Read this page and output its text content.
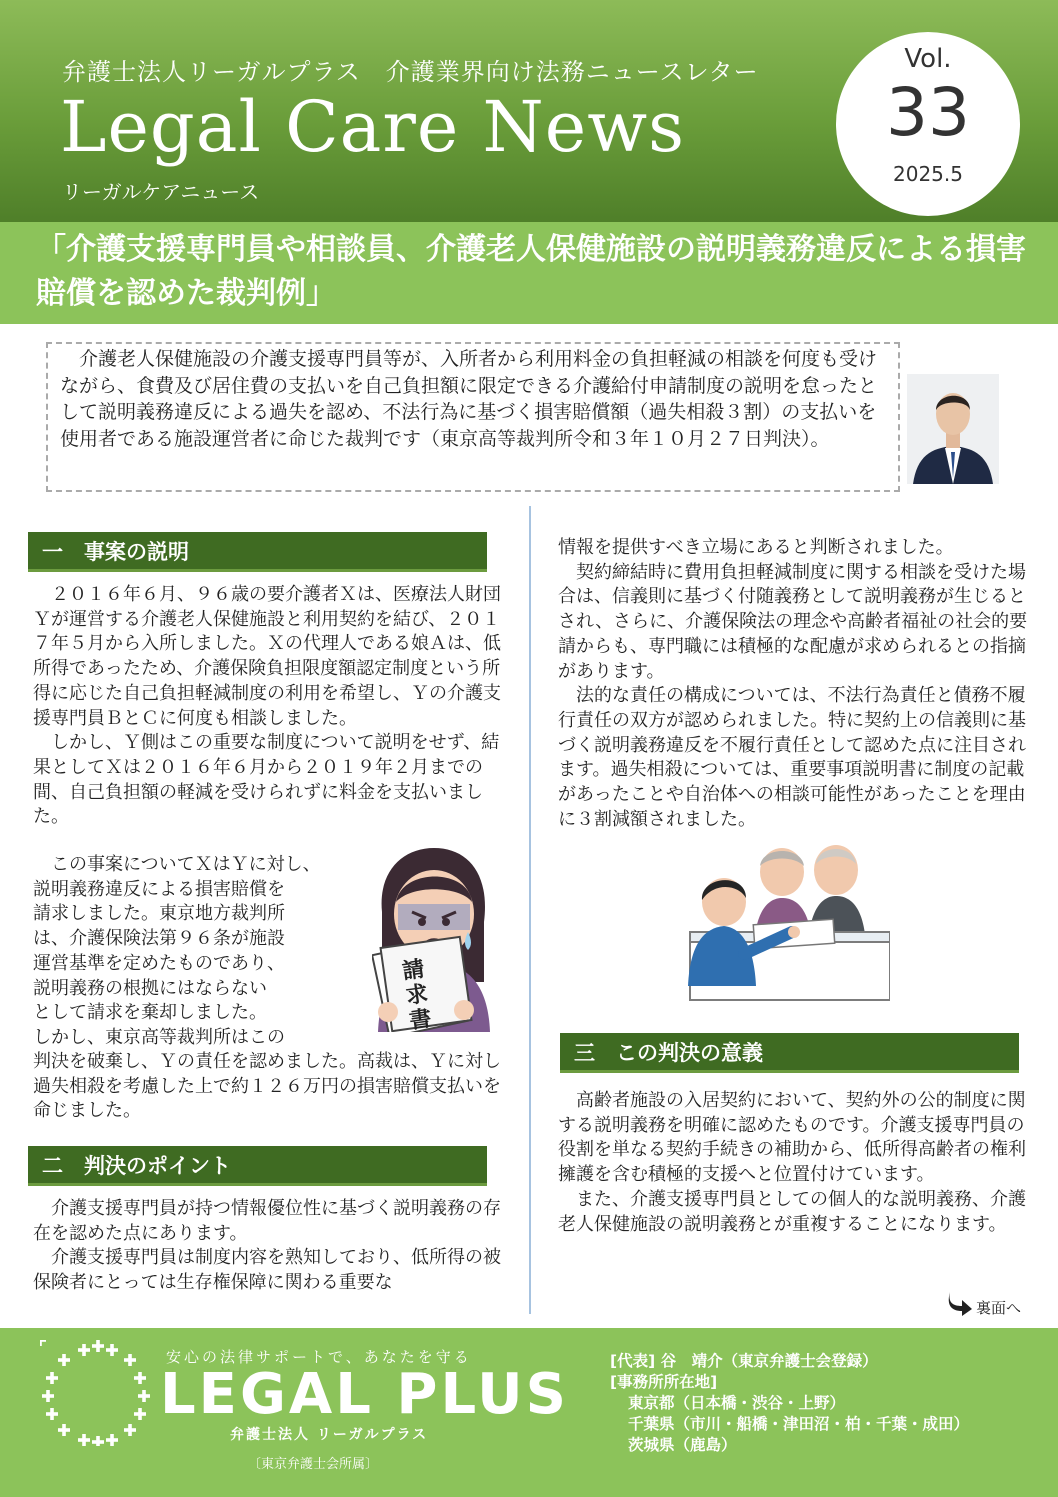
弁護士法人リーガルプラス　介護業界向け法務ニュースレター
Legal Care News
リーガルケアニュース
Vol.
33
2025.5
「介護支援専門員や相談員、介護老人保健施設の説明義務違反による損害賠償を認めた裁判例」
介護老人保健施設の介護支援専門員等が、入所者から利用料金の負担軽減の相談を何度も受けながら、食費及び居住費の支払いを自己負担額に限定できる介護給付申請制度の説明を怠ったとして説明義務違反による過失を認め、不法行為に基づく損害賠償額（過失相殺３割）の支払いを使用者である施設運営者に命じた裁判です（東京高等裁判所令和３年１０月２７日判決）。
一　事案の説明

２０１６年６月、９６歳の要介護者Ｘは、医療法人財団Ｙが運営する介護老人保健施設と利用契約を結び、２０１７年５月から入所しました。Ｘの代理人である娘Ａは、低所得であったため、介護保険負担限度額認定制度という所得に応じた自己負担軽減制度の利用を希望し、Ｙの介護支援専門員ＢとＣに何度も相談しました。

しかし、Ｙ側はこの重要な制度について説明をせず、結果としてＸは２０１６年６月から２０１９年２月までの間、自己負担額の軽減を受けられずに料金を支払いました。

この事案についてＸはＹに対し、
説明義務違反による損害賠償を
請求しました。東京地方裁判所
は、介護保険法第９６条が施設
運営基準を定めたものであり、
説明義務の根拠にはならない
として請求を棄却しました。
しかし、東京高等裁判所はこの
判決を破棄し、Ｙの責任を認めました。高裁は、Ｙに対し過失相殺を考慮した上で約１２６万円の損害賠償支払いを命じました。
請
求
書
二　判決のポイント

介護支援専門員が持つ情報優位性に基づく説明義務の存在を認めた点にあります。

介護支援専門員は制度内容を熟知しており、低所得の被保険者にとっては生存権保障に関わる重要な

情報を提供すべき立場にあると判断されました。

契約締結時に費用負担軽減制度に関する相談を受けた場合は、信義則に基づく付随義務として説明義務が生じるとされ、さらに、介護保険法の理念や高齢者福祉の社会的要請からも、専門職には積極的な配慮が求められるとの指摘があります。

法的な責任の構成については、不法行為責任と債務不履行責任の双方が認められました。特に契約上の信義則に基づく説明義務違反を不履行責任として認めた点に注目されます。過失相殺については、重要事項説明書に制度の記載があったことや自治体への相談可能性があったことを理由に３割減額されました。

三　この判決の意義

高齢者施設の入居契約において、契約外の公的制度に関する説明義務を明確に認めたものです。介護支援専門員の役割を単なる契約手続きの補助から、低所得高齢者の権利擁護を含む積極的支援へと位置付けています。

また、介護支援専門員としての個人的な説明義務、介護老人保健施設の説明義務とが重複することになります。

裏面へ
安心の法律サポートで、あなたを守る
LEGAL PLUS
弁護士法人 リーガルプラス
〔東京弁護士会所属〕
[代表] 谷　靖介（東京弁護士会登録）
[事務所所在地]
東京都（日本橋・渋谷・上野）
千葉県（市川・船橋・津田沼・柏・千葉・成田）
茨城県（鹿島）
